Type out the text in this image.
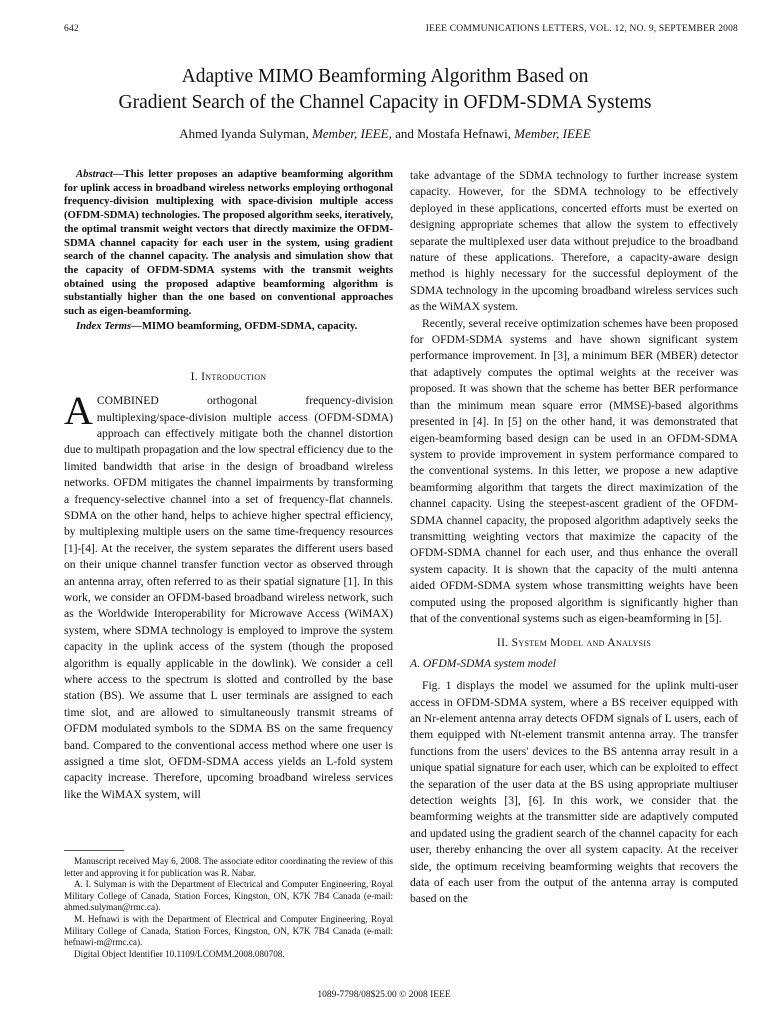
642	IEEE COMMUNICATIONS LETTERS, VOL. 12, NO. 9, SEPTEMBER 2008
Adaptive MIMO Beamforming Algorithm Based on
Gradient Search of the Channel Capacity in OFDM-SDMA Systems
Ahmed Iyanda Sulyman, Member, IEEE, and Mostafa Hefnawi, Member, IEEE

Abstract—This letter proposes an adaptive beamforming algorithm for uplink access in broadband wireless networks employing orthogonal frequency-division multiplexing with space-division multiple access (OFDM-SDMA) technologies. The proposed algorithm seeks, iteratively, the optimal transmit weight vectors that directly maximize the OFDM-SDMA channel capacity for each user in the system, using gradient search of the channel capacity. The analysis and simulation show that the capacity of OFDM-SDMA systems with the transmit weights obtained using the proposed adaptive beamforming algorithm is substantially higher than the one based on conventional approaches such as eigen-beamforming.

Index Terms—MIMO beamforming, OFDM-SDMA, capacity.

I. Introduction

ACOMBINED orthogonal frequency-division multiplexing/space-division multiple access (OFDM-SDMA) approach can effectively mitigate both the channel distortion due to multipath propagation and the low spectral efficiency due to the limited bandwidth that arise in the design of broadband wireless networks. OFDM mitigates the channel impairments by transforming a frequency-selective channel into a set of frequency-flat channels. SDMA on the other hand, helps to achieve higher spectral efficiency, by multiplexing multiple users on the same time-frequency resources [1]-[4]. At the receiver, the system separates the different users based on their unique channel transfer function vector as observed through an antenna array, often referred to as their spatial signature [1]. In this work, we consider an OFDM-based broadband wireless network, such as the Worldwide Interoperability for Microwave Access (WiMAX) system, where SDMA technology is employed to improve the system capacity in the uplink access of the system (though the proposed algorithm is equally applicable in the dowlink). We consider a cell where access to the spectrum is slotted and controlled by the base station (BS). We assume that L user terminals are assigned to each time slot, and are allowed to simultaneously transmit streams of OFDM modulated symbols to the SDMA BS on the same frequency band. Compared to the conventional access method where one user is assigned a time slot, OFDM-SDMA access yields an L-fold system capacity increase. Therefore, upcoming broadband wireless services like the WiMAX system, will

Manuscript received May 6, 2008. The associate editor coordinating the review of this letter and approving it for publication was R. Nabar.

A. I. Sulyman is with the Department of Electrical and Computer Engineering, Royal Military College of Canada, Station Forces, Kingston, ON, K7K 7B4 Canada (e-mail: ahmed.sulyman@rmc.ca).

M. Hefnawi is with the Department of Electrical and Computer Engineering, Royal Military College of Canada, Station Forces, Kingston, ON, K7K 7B4 Canada (e-mail: hefnawi-m@rmc.ca).

Digital Object Identifier 10.1109/LCOMM.2008.080708.

take advantage of the SDMA technology to further increase system capacity. However, for the SDMA technology to be effectively deployed in these applications, concerted efforts must be exerted on designing appropriate schemes that allow the system to effectively separate the multiplexed user data without prejudice to the broadband nature of these applications. Therefore, a capacity-aware design method is highly necessary for the successful deployment of the SDMA technology in the upcoming broadband wireless services such as the WiMAX system.

Recently, several receive optimization schemes have been proposed for OFDM-SDMA systems and have shown significant system performance improvement. In [3], a minimum BER (MBER) detector that adaptively computes the optimal weights at the receiver was proposed. It was shown that the scheme has better BER performance than the minimum mean square error (MMSE)-based algorithms presented in [4]. In [5] on the other hand, it was demonstrated that eigen-beamforming based design can be used in an OFDM-SDMA system to provide improvement in system performance compared to the conventional systems. In this letter, we propose a new adaptive beamforming algorithm that targets the direct maximization of the channel capacity. Using the steepest-ascent gradient of the OFDM-SDMA channel capacity, the proposed algorithm adaptively seeks the transmitting weighting vectors that maximize the capacity of the OFDM-SDMA channel for each user, and thus enhance the overall system capacity. It is shown that the capacity of the multi antenna aided OFDM-SDMA system whose transmitting weights have been computed using the proposed algorithm is significantly higher than that of the conventional systems such as eigen-beamforming in [5].

II. System Model and Analysis
A. OFDM-SDMA system model

Fig. 1 displays the model we assumed for the uplink multi-user access in OFDM-SDMA system, where a BS receiver equipped with an Nr-element antenna array detects OFDM signals of L users, each of them equipped with Nt-element transmit antenna array. The transfer functions from the users' devices to the BS antenna array result in a unique spatial signature for each user, which can be exploited to effect the separation of the user data at the BS using appropriate multiuser detection weights [3], [6]. In this work, we consider that the beamforming weights at the transmitter side are adaptively computed and updated using the gradient search of the channel capacity for each user, thereby enhancing the over all system capacity. At the receiver side, the optimum receiving beamforming weights that recovers the data of each user from the output of the antenna array is computed based on the

1089-7798/08$25.00 © 2008 IEEE
